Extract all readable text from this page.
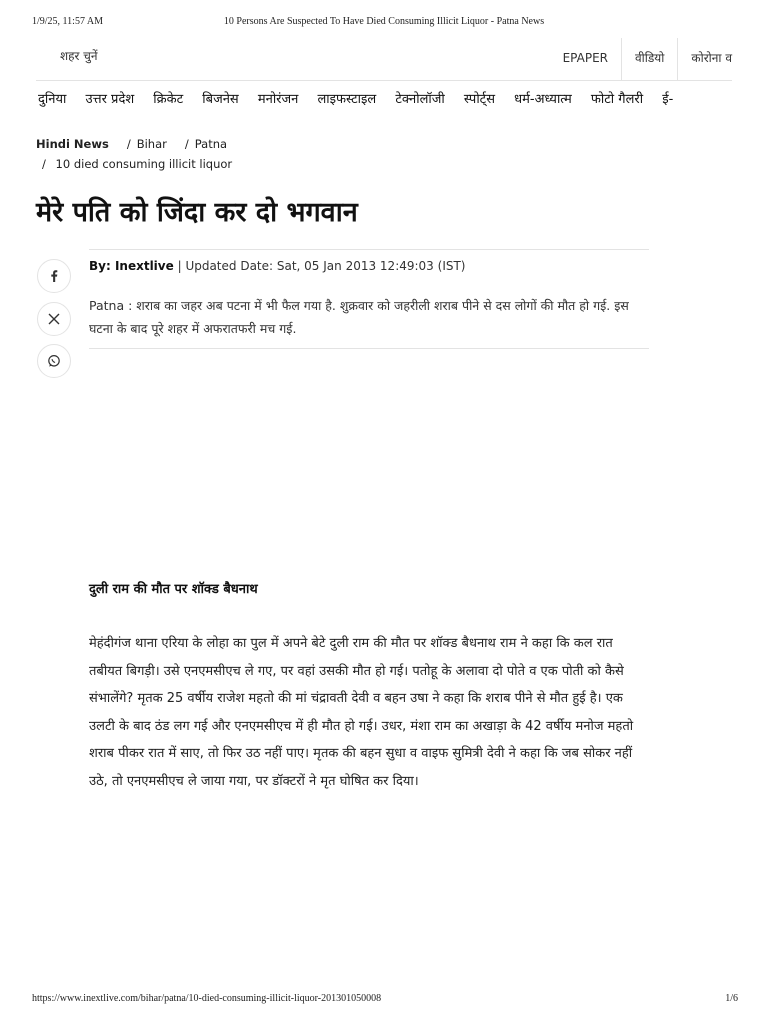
1/9/25, 11:57 AM	10 Persons Are Suspected To Have Died Consuming Illicit Liquor - Patna News
शहर चुनें	EPAPER	वीडियो	कोरोना व
दुनिया उत्तर प्रदेश क्रिकेट बिजनेस मनोरंजन लाइफस्टाइल टेक्नोलॉजी स्पोर्ट्स धर्म-अध्यात्म फोटो गैलरी ई-
Hindi News / Bihar / Patna
/ 10 died consuming illicit liquor
मेरे पति को जिंदा कर दो भगवान
By: Inextlive | Updated Date: Sat, 05 Jan 2013 12:49:03 (IST)

Patna : शराब का जहर अब पटना में भी फैल गया है. शुक्रवार को जहरीली शराब पीने से दस लोगों की मौत हो गई. इस घटना के बाद पूरे शहर में अफरातफरी मच गई.

दुली राम की मौत पर शॉक्ड बैधनाथ

मेहंदीगंज थाना एरिया के लोहा का पुल में अपने बेटे दुली राम की मौत पर शॉक्ड बैधनाथ राम ने कहा कि कल रात तबीयत बिगड़ी। उसे एनएमसीएच ले गए, पर वहां उसकी मौत हो गई। पतोहू के अलावा दो पोते व एक पोती को कैसे संभालेंगे? मृतक 25 वर्षीय राजेश महतो की मां चंद्रावती देवी व बहन उषा ने कहा कि शराब पीने से मौत हुई है। एक उलटी के बाद ठंड लग गई और एनएमसीएच में ही मौत हो गई। उधर, मंशा राम का अखाड़ा के 42 वर्षीय मनोज महतो शराब पीकर रात में साए, तो फिर उठ नहीं पाए। मृतक की बहन सुधा व वाइफ सुमित्री देवी ने कहा कि जब सोकर नहीं उठे, तो एनएमसीएच ले जाया गया, पर डॉक्टरों ने मृत घोषित कर दिया।

https://www.inextlive.com/bihar/patna/10-died-consuming-illicit-liquor-201301050008	1/6
